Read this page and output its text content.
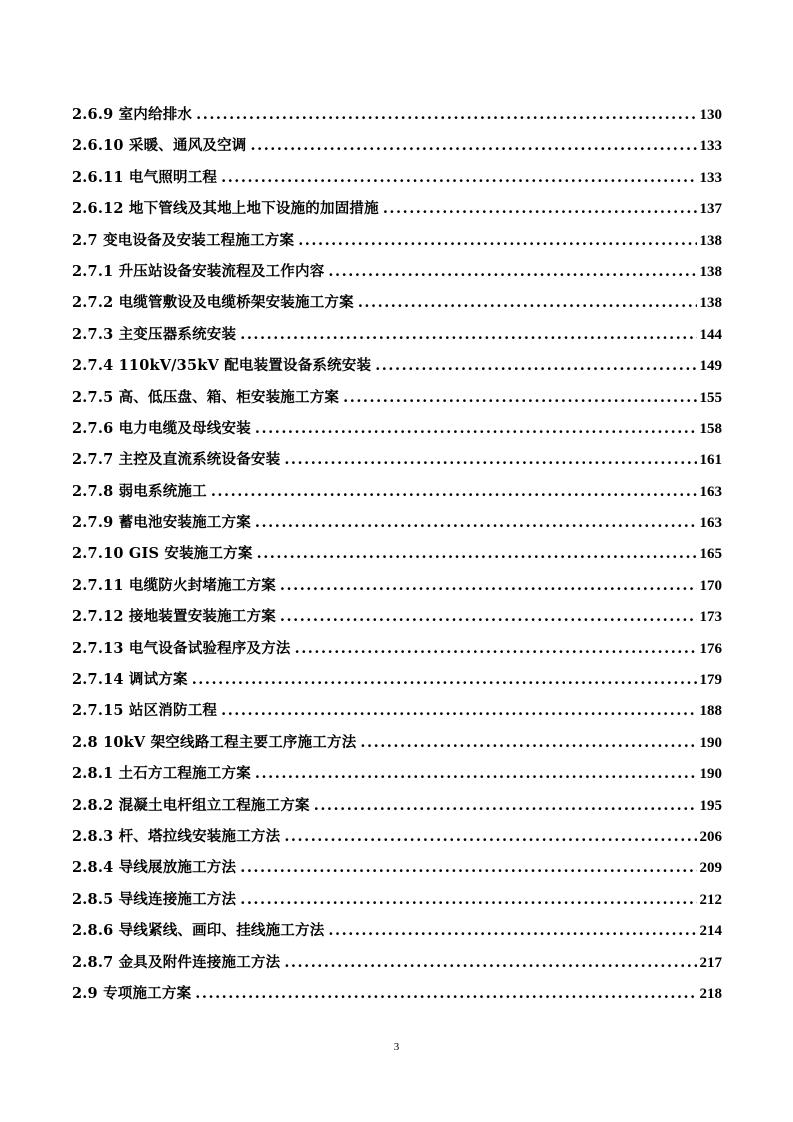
2.6.9 室内给排水 .....	130
2.6.10 采暖、通风及空调 .....	133
2.6.11 电气照明工程 .....	133
2.6.12 地下管线及其地上地下设施的加固措施 .....	137
2.7 变电设备及安装工程施工方案 .....	138
2.7.1 升压站设备安装流程及工作内容 .....	138
2.7.2 电缆管敷设及电缆桥架安装施工方案 .....	138
2.7.3 主变压器系统安装 .....	144
2.7.4 110kV/35kV 配电装置设备系统安装 .....	149
2.7.5 高、低压盘、箱、柜安装施工方案 .....	155
2.7.6 电力电缆及母线安装 .....	158
2.7.7 主控及直流系统设备安装 .....	161
2.7.8 弱电系统施工 .....	163
2.7.9 蓄电池安装施工方案 .....	163
2.7.10 GIS 安装施工方案 .....	165
2.7.11 电缆防火封堵施工方案 .....	170
2.7.12 接地装置安装施工方案 .....	173
2.7.13 电气设备试验程序及方法 .....	176
2.7.14 调试方案 .....	179
2.7.15 站区消防工程 .....	188
2.8 10kV 架空线路工程主要工序施工方法 .....	190
2.8.1 土石方工程施工方案 .....	190
2.8.2 混凝土电杆组立工程施工方案 .....	195
2.8.3 杆、塔拉线安装施工方法 .....	206
2.8.4 导线展放施工方法 .....	209
2.8.5 导线连接施工方法 .....	212
2.8.6 导线紧线、画印、挂线施工方法 .....	214
2.8.7 金具及附件连接施工方法 .....	217
2.9 专项施工方案 .....	218
3
